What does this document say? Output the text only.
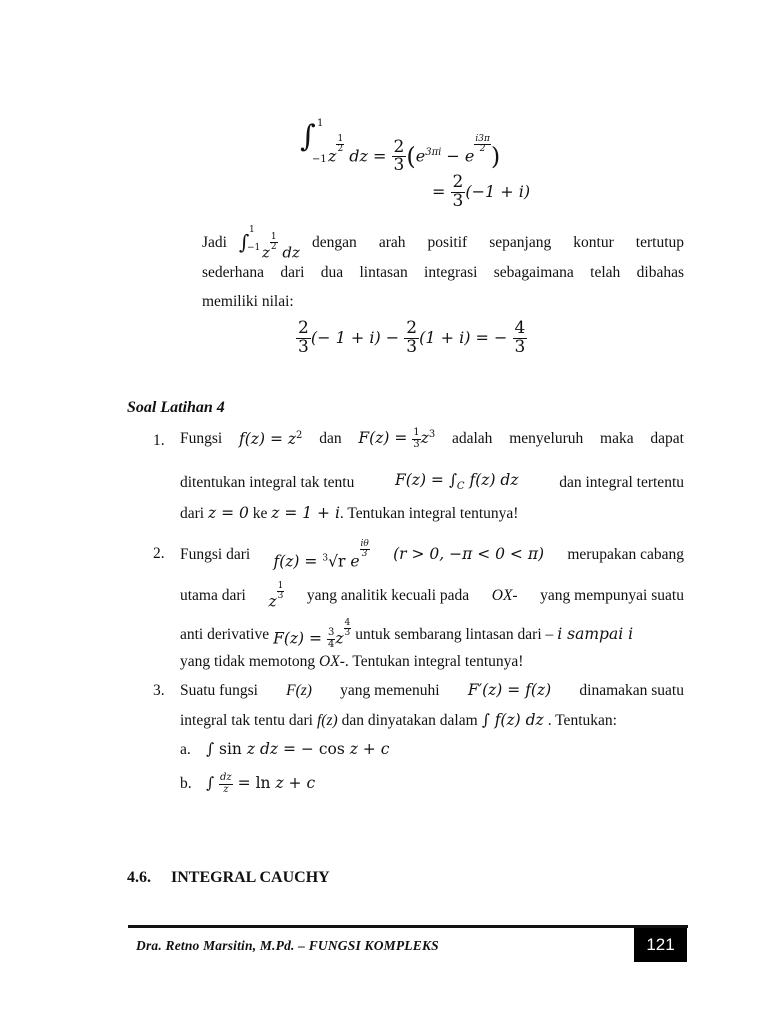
∫ 1
−1 z
$\frac{1}{2}$
dz = $\frac{2}{3} (e^{3\pi i} - e$
$\frac{i3\pi}{2}$ )
= $\frac{2}{3} (-1 + i)$
Jadi ∫ 1
−1 z $\frac{1}{2}$ dz
dengan arah positif sepanjang kontur tertutup
sederhana dari dua lintasan integrasi sebagaimana telah dibahas
memiliki nilai:
$\frac{2}{3}$ (− $1 + i) - \frac{2}{3} (1 + i)$ = − $\frac{4}{3}$
Soal Latihan 4
1. Fungsi $f(z) = z^2$ dan $F(z) = \frac{1}{3} z^3$ adalah menyeluruh maka dapat
ditentukan integral tak tentu	$F(z) = \int_C$ f(z) dz	dan integral tertentu
dari z = 0 ke z = 1 + i. Tentukan integral tentunya!
2. Fungsi dari f(z) = $^3$√r e
$\frac{i\theta}{3} (r > 0$, −π < 0 < π) merupakan cabang
utama dari z $\frac{1}{3}$ yang analitik kecuali pada OX- yang mempunyai suatu
anti derivative $F(z) = \frac{3}{4}$ z $\frac{4}{3}$ untuk sembarang lintasan dari – i sampai i
yang tidak memotong OX-. Tentukan integral tentunya!
3. Suatu fungsi F(z) yang memenuhi F′(z) = f(z) dinamakan suatu
integral tak tentu dari f(z) dan dinyatakan dalam ∫ f(z) dz . Tentukan:
a. ∫ sin z dz = − cos z + c
b. ∫ $\frac{dz}{z} = \ln z + c$
4.6. INTEGRAL CAUCHY
Dra. Retno Marsitin, M.Pd. – FUNGSI KOMPLEKS	121
